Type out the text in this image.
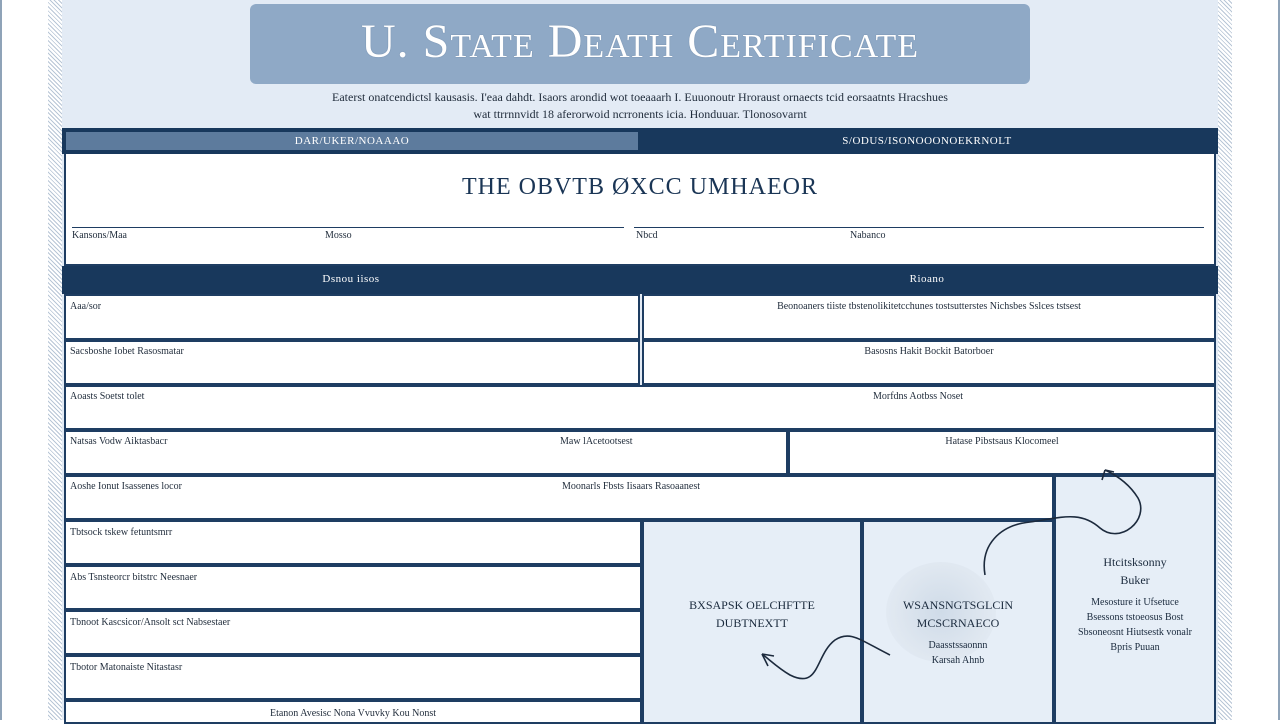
U. State Death Certificate
Eaterst onatcendictsl kausasis. I'eaa dahdt. Isaors arondid wot toeaaarh I. Euuonoutr Hroraust ornaects tcid eorsaatnts Hracshues
wat ttrrnnvidt 18 aferorwoid ncrronents icia. Honduuar. Tlonosovarnt
DAR/UKER/NOAAAO	S/ODUS/ISONOOONOEKRNOLT
THE OBVTB ØXCC UMHAEOR
Kansons/Maa	Mosso	Nbcd	Nabanco
Dsnou iisos	Rioano
Aaa/sor	Beonoaners tiiste tbstenolikitetcchunes tostsutterstes Nichsbes Sslces tstsest
Sacsboshe Iobet Rasosmatar	Basosns Hakit Bockit Batorboer
Aoasts Soetst tolet	Morfdns Aotbss Noset
Natsas Vodw Aiktasbacr	Maw lAcetootsest	Hatase Pibstsaus Klocomeel
Aoshe Ionut Isassenes locor	Moonarls Fbsts Iisaars Rasoaanest
Tbtsock tskew fetuntsmrr
Abs Tsnsteorcr bitstrc Neesnaer
Tbnoot Kascsicor/Ansolt sct Nabsestaer
Tbotor Matonaiste Nitastasr
Etanon Avesisc Nona Vvuvky Kou Nonst
BXSAPSK OELCHFTTE
DUBTNEXTT
WSANSNGTSGLCIN
MCSCRNAECO
Daasstssaonnn
Karsah Ahnb
Htcitsksonny
Buker
Mesosture it Ufsetuce
Bsessons tstoeosus Bost
Sbsoneosnt Hiutsestk vonalr
Bpris Puuan
